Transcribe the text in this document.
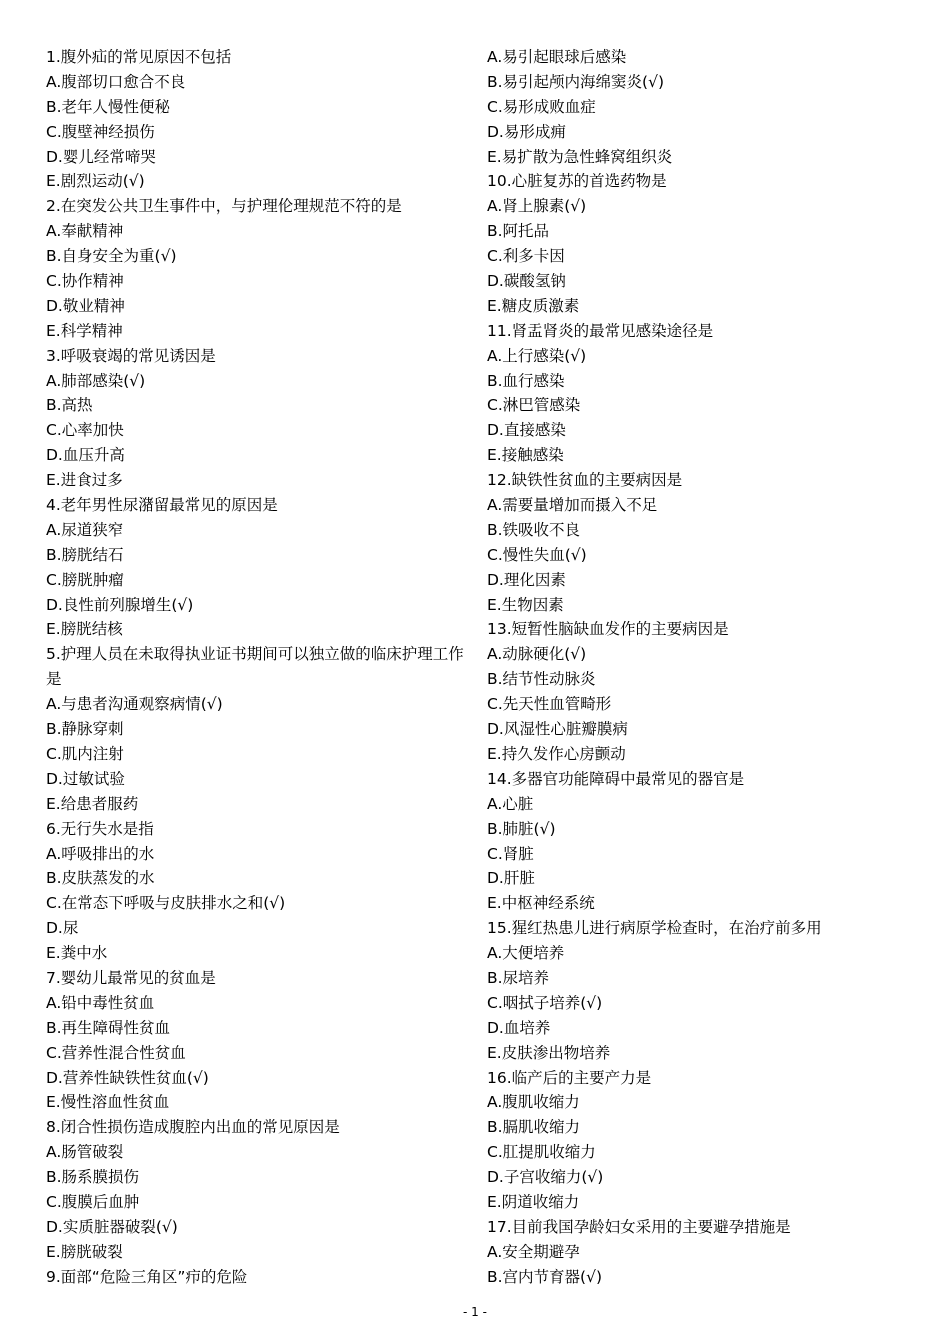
1.腹外疝的常见原因不包括
A.腹部切口愈合不良
B.老年人慢性便秘
C.腹壁神经损伤
D.婴儿经常啼哭
E.剧烈运动(√)
2.在突发公共卫生事件中，与护理伦理规范不符的是
A.奉献精神
B.自身安全为重(√)
C.协作精神
D.敬业精神
E.科学精神
3.呼吸衰竭的常见诱因是
A.肺部感染(√)
B.高热
C.心率加快
D.血压升高
E.进食过多
4.老年男性尿潴留最常见的原因是
A.尿道狭窄
B.膀胱结石
C.膀胱肿瘤
D.良性前列腺增生(√)
E.膀胱结核
5.护理人员在未取得执业证书期间可以独立做的临床护理工作是
A.与患者沟通观察病情(√)
B.静脉穿刺
C.肌内注射
D.过敏试验
E.给患者服药
6.无行失水是指
A.呼吸排出的水
B.皮肤蒸发的水
C.在常态下呼吸与皮肤排水之和(√)
D.尿
E.粪中水
7.婴幼儿最常见的贫血是
A.铅中毒性贫血
B.再生障碍性贫血
C.营养性混合性贫血
D.营养性缺铁性贫血(√)
E.慢性溶血性贫血
8.闭合性损伤造成腹腔内出血的常见原因是
A.肠管破裂
B.肠系膜损伤
C.腹膜后血肿
D.实质脏器破裂(√)
E.膀胱破裂
9.面部“危险三角区”疖的危险
A.易引起眼球后感染
B.易引起颅内海绵窦炎(√)
C.易形成败血症
D.易形成痈
E.易扩散为急性蜂窝组织炎
10.心脏复苏的首选药物是
A.肾上腺素(√)
B.阿托品
C.利多卡因
D.碳酸氢钠
E.糖皮质激素
11.肾盂肾炎的最常见感染途径是
A.上行感染(√)
B.血行感染
C.淋巴管感染
D.直接感染
E.接触感染
12.缺铁性贫血的主要病因是
A.需要量增加而摄入不足
B.铁吸收不良
C.慢性失血(√)
D.理化因素
E.生物因素
13.短暂性脑缺血发作的主要病因是
A.动脉硬化(√)
B.结节性动脉炎
C.先天性血管畸形
D.风湿性心脏瓣膜病
E.持久发作心房颤动
14.多器官功能障碍中最常见的器官是
A.心脏
B.肺脏(√)
C.肾脏
D.肝脏
E.中枢神经系统
15.猩红热患儿进行病原学检查时，在治疗前多用
A.大便培养
B.尿培养
C.咽拭子培养(√)
D.血培养
E.皮肤渗出物培养
16.临产后的主要产力是
A.腹肌收缩力
B.膈肌收缩力
C.肛提肌收缩力
D.子宫收缩力(√)
E.阴道收缩力
17.目前我国孕龄妇女采用的主要避孕措施是
A.安全期避孕
B.宫内节育器(√)
- 1 -
